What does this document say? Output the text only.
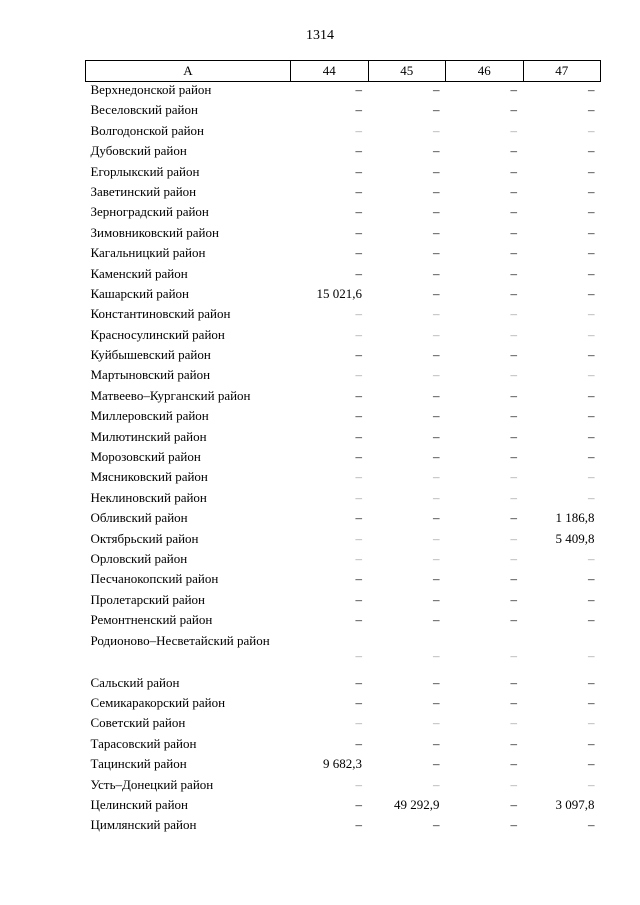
1314
А	44	45	46	47
Верхнедонской район	–	–	–	–
Веселовский район	–	–	–	–
Волгодонской район	–	–	–	–
Дубовский район	–	–	–	–
Егорлыкский район	–	–	–	–
Заветинский район	–	–	–	–
Зерноградский район	–	–	–	–
Зимовниковский район	–	–	–	–
Кагальницкий район	–	–	–	–
Каменский район	–	–	–	–
Кашарский район	15 021,6	–	–	–
Константиновский район	–	–	–	–
Красносулинский район	–	–	–	–
Куйбышевский район	–	–	–	–
Мартыновский район	–	–	–	–
Матвеево–Курганский район	–	–	–	–
Миллеровский район	–	–	–	–
Милютинский район	–	–	–	–
Морозовский район	–	–	–	–
Мясниковский район	–	–	–	–
Неклиновский район	–	–	–	–
Обливский район	–	–	–	1 186,8
Октябрьский район	–	–	–	5 409,8
Орловский район	–	–	–	–
Песчанокопский район	–	–	–	–
Пролетарский район	–	–	–	–
Ремонтненский район	–	–	–	–
Родионово–Несветайский район	–	–	–	–
Сальский район	–	–	–	–
Семикаракорский район	–	–	–	–
Советский район	–	–	–	–
Тарасовский район	–	–	–	–
Тацинский район	9 682,3	–	–	–
Усть–Донецкий район	–	–	–	–
Целинский район	–	49 292,9	–	3 097,8
Цимлянский район	–	–	–	–
